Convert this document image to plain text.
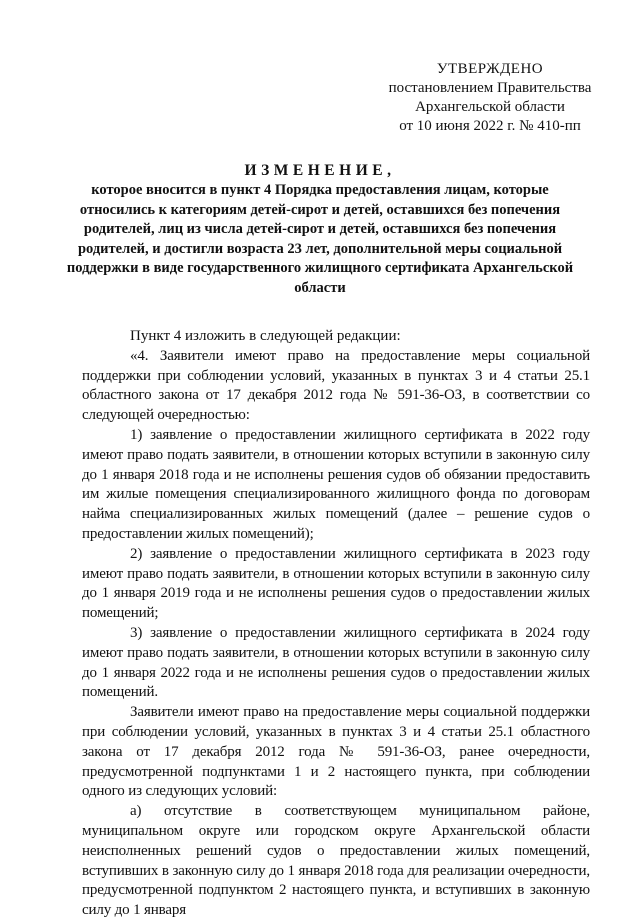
УТВЕРЖДЕНО
постановлением Правительства
Архангельской области
от 10 июня 2022 г. № 410-пп
ИЗМЕНЕНИЕ,
которое вносится в пункт 4 Порядка предоставления лицам, которые относились к категориям детей-сирот и детей, оставшихся без попечения родителей, лиц из числа детей-сирот и детей, оставшихся без попечения родителей, и достигли возраста 23 лет, дополнительной меры социальной поддержки в виде государственного жилищного сертификата Архангельской области

Пункт 4 изложить в следующей редакции:

«4. Заявители имеют право на предоставление меры социальной поддержки при соблюдении условий, указанных в пунктах 3 и 4 статьи 25.1 областного закона от 17 декабря 2012 года № 591-36-ОЗ, в соответствии со следующей очередностью:

1) заявление о предоставлении жилищного сертификата в 2022 году имеют право подать заявители, в отношении которых вступили в законную силу до 1 января 2018 года и не исполнены решения судов об обязании предоставить им жилые помещения специализированного жилищного фонда по договорам найма специализированных жилых помещений (далее – решение судов о предоставлении жилых помещений);

2) заявление о предоставлении жилищного сертификата в 2023 году имеют право подать заявители, в отношении которых вступили в законную силу до 1 января 2019 года и не исполнены решения судов о предоставлении жилых помещений;

3) заявление о предоставлении жилищного сертификата в 2024 году имеют право подать заявители, в отношении которых вступили в законную силу до 1 января 2022 года и не исполнены решения судов о предоставлении жилых помещений.

Заявители имеют право на предоставление меры социальной поддержки при соблюдении условий, указанных в пунктах 3 и 4 статьи 25.1 областного закона от 17 декабря 2012 года № 591-36-ОЗ, ранее очередности, предусмотренной подпунктами 1 и 2 настоящего пункта, при соблюдении одного из следующих условий:

а) отсутствие в соответствующем муниципальном районе, муниципальном округе или городском округе Архангельской области неисполненных решений судов о предоставлении жилых помещений, вступивших в законную силу до 1 января 2018 года для реализации очередности, предусмотренной подпунктом 2 настоящего пункта, и вступивших в законную силу до 1 января
